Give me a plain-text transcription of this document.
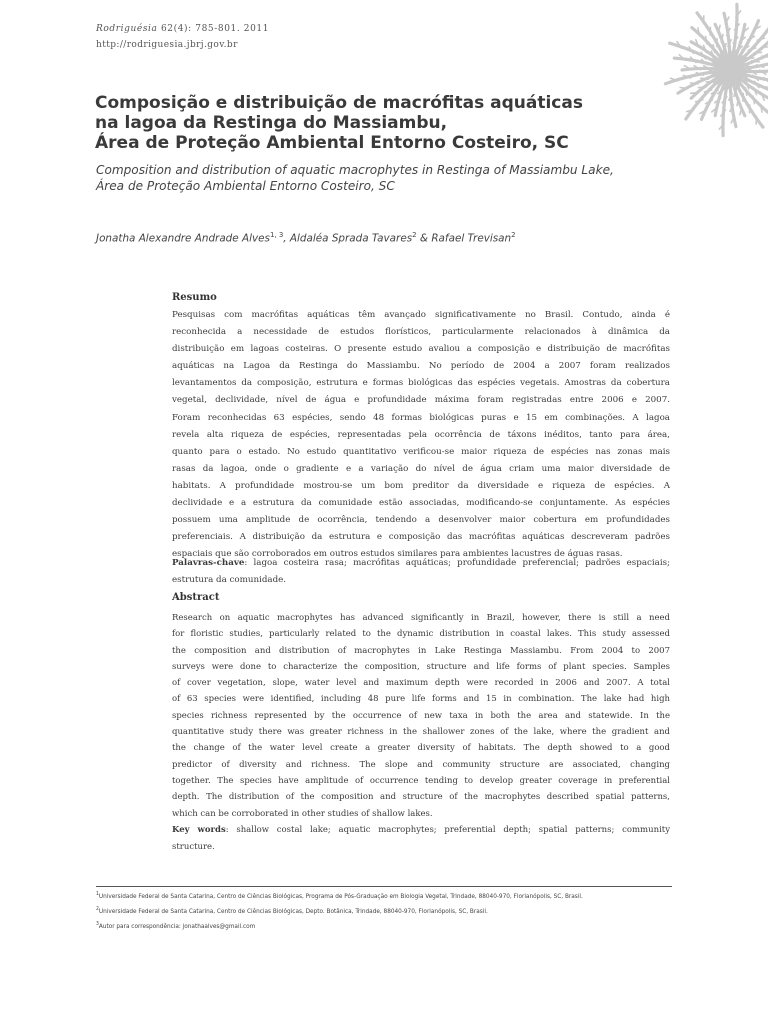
Rodriguésia 62(4): 785-801. 2011
http://rodriguesia.jbrj.gov.br
Composição e distribuição de macrófitas aquáticas
na lagoa da Restinga do Massiambu,
Área de Proteção Ambiental Entorno Costeiro, SC
Composition and distribution of aquatic macrophytes in Restinga of Massiambu Lake,
Área de Proteção Ambiental Entorno Costeiro, SC
Jonatha Alexandre Andrade Alves$^{1, 3}$, Aldaléa Sprada Tavares$^2$ & Rafael Trevisan$^2$
Resumo
Pesquisas com macrófitas aquáticas têm avançado significativamente no Brasil. Contudo, ainda é
reconhecida a necessidade de estudos florísticos, particularmente relacionados à dinâmica da
distribuição em lagoas costeiras. O presente estudo avaliou a composição e distribuição de macrófitas
aquáticas na Lagoa da Restinga do Massiambu. No período de 2004 a 2007 foram realizados
levantamentos da composição, estrutura e formas biológicas das espécies vegetais. Amostras da cobertura
vegetal, declividade, nível de água e profundidade máxima foram registradas entre 2006 e 2007.
Foram reconhecidas 63 espécies, sendo 48 formas biológicas puras e 15 em combinações. A lagoa
revela alta riqueza de espécies, representadas pela ocorrência de táxons inéditos, tanto para área,
quanto para o estado. No estudo quantitativo verificou-se maior riqueza de espécies nas zonas mais
rasas da lagoa, onde o gradiente e a variação do nível de água criam uma maior diversidade de
habitats. A profundidade mostrou-se um bom preditor da diversidade e riqueza de espécies. A
declividade e a estrutura da comunidade estão associadas, modificando-se conjuntamente. As espécies
possuem uma amplitude de ocorrência, tendendo a desenvolver maior cobertura em profundidades
preferenciais. A distribuição da estrutura e composição das macrófitas aquáticas descreveram padrões
espaciais que são corroborados em outros estudos similares para ambientes lacustres de águas rasas.
Palavras-chave: lagoa costeira rasa; macrófitas aquáticas; profundidade preferencial; padrões espaciais;
estrutura da comunidade.
Abstract
Research on aquatic macrophytes has advanced significantly in Brazil, however, there is still a need
for floristic studies, particularly related to the dynamic distribution in coastal lakes. This study assessed
the composition and distribution of macrophytes in Lake Restinga Massiambu. From 2004 to 2007
surveys were done to characterize the composition, structure and life forms of plant species. Samples
of cover vegetation, slope, water level and maximum depth were recorded in 2006 and 2007. A total
of 63 species were identified, including 48 pure life forms and 15 in combination. The lake had high
species richness represented by the occurrence of new taxa in both the area and statewide. In the
quantitative study there was greater richness in the shallower zones of the lake, where the gradient and
the change of the water level create a greater diversity of habitats. The depth showed to a good
predictor of diversity and richness. The slope and community structure are associated, changing
together. The species have amplitude of occurrence tending to develop greater coverage in preferential
depth. The distribution of the composition and structure of the macrophytes described spatial patterns,
which can be corroborated in other studies of shallow lakes.
Key words: shallow costal lake; aquatic macrophytes; preferential depth; spatial patterns; community
structure.
$^1$Universidade Federal de Santa Catarina, Centro de Ciências Biológicas, Programa de Pós-Graduação em Biologia Vegetal, Trindade, 88040-970, Florianópolis, SC, Brasil.
$^2$Universidade Federal de Santa Catarina, Centro de Ciências Biológicas, Depto. Botânica, Trindade, 88040-970, Florianópolis, SC, Brasil.
$^3$Autor para correspondência: jonathaalves@gmail.com
